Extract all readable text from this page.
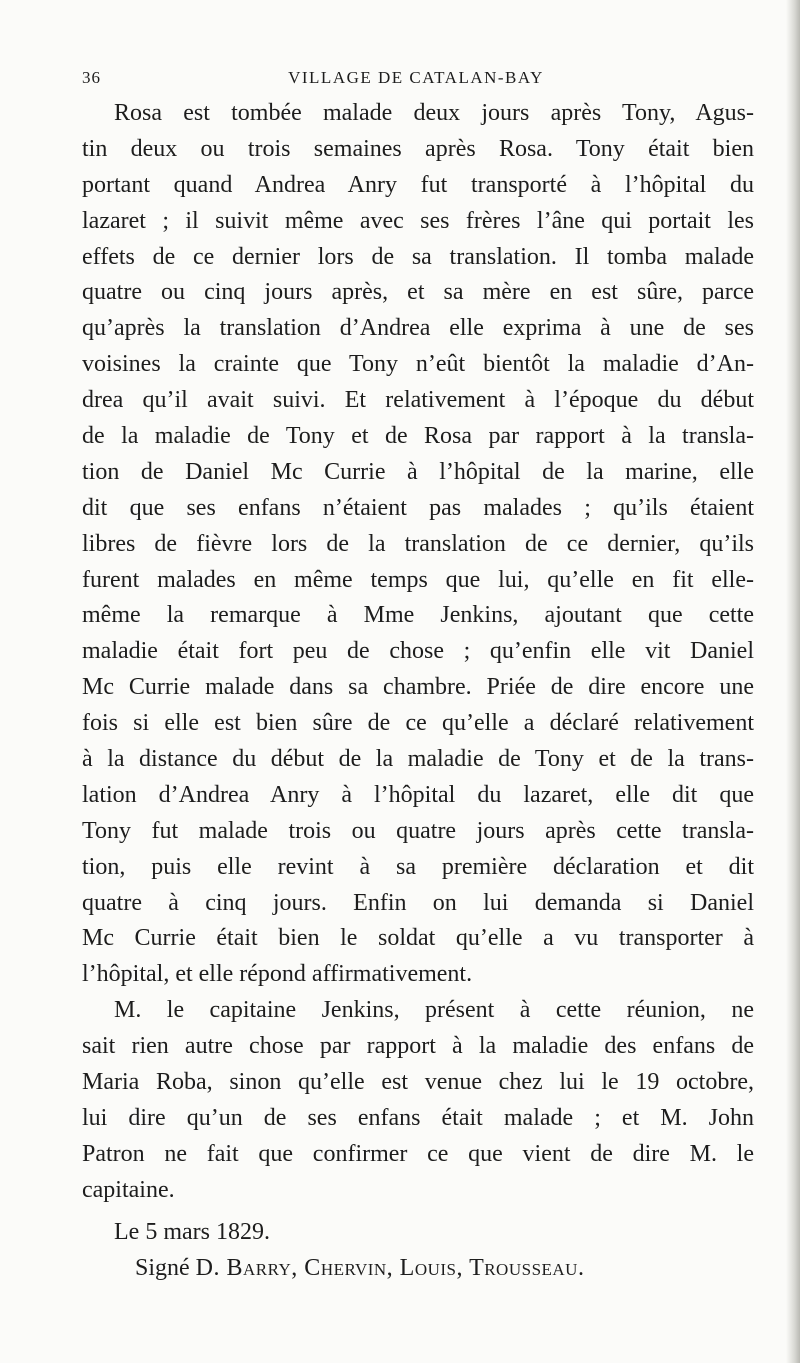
36	VILLAGE DE CATALAN-BAY
Rosa est tombée malade deux jours après Tony, Agus-
tin deux ou trois semaines après Rosa. Tony était bien
portant quand Andrea Anry fut transporté à l’hôpital du
lazaret ; il suivit même avec ses frères l’âne qui portait les
effets de ce dernier lors de sa translation. Il tomba malade
quatre ou cinq jours après, et sa mère en est sûre, parce
qu’après la translation d’Andrea elle exprima à une de ses
voisines la crainte que Tony n’eût bientôt la maladie d’An-
drea qu’il avait suivi. Et relativement à l’époque du début
de la maladie de Tony et de Rosa par rapport à la transla-
tion de Daniel Mc Currie à l’hôpital de la marine, elle
dit que ses enfans n’étaient pas malades ; qu’ils étaient
libres de fièvre lors de la translation de ce dernier, qu’ils
furent malades en même temps que lui, qu’elle en fit elle-
même la remarque à Mme Jenkins, ajoutant que cette
maladie était fort peu de chose ; qu’enfin elle vit Daniel
Mc Currie malade dans sa chambre. Priée de dire encore une
fois si elle est bien sûre de ce qu’elle a déclaré relativement
à la distance du début de la maladie de Tony et de la trans-
lation d’Andrea Anry à l’hôpital du lazaret, elle dit que
Tony fut malade trois ou quatre jours après cette transla-
tion, puis elle revint à sa première déclaration et dit
quatre à cinq jours. Enfin on lui demanda si Daniel
Mc Currie était bien le soldat qu’elle a vu transporter à
l’hôpital, et elle répond affirmativement.
M. le capitaine Jenkins, présent à cette réunion, ne
sait rien autre chose par rapport à la maladie des enfans de
Maria Roba, sinon qu’elle est venue chez lui le 19 octobre,
lui dire qu’un de ses enfans était malade ; et M. John
Patron ne fait que confirmer ce que vient de dire M. le
capitaine.

Le 5 mars 1829.

Signé D. Barry, Chervin, Louis, Trousseau.
